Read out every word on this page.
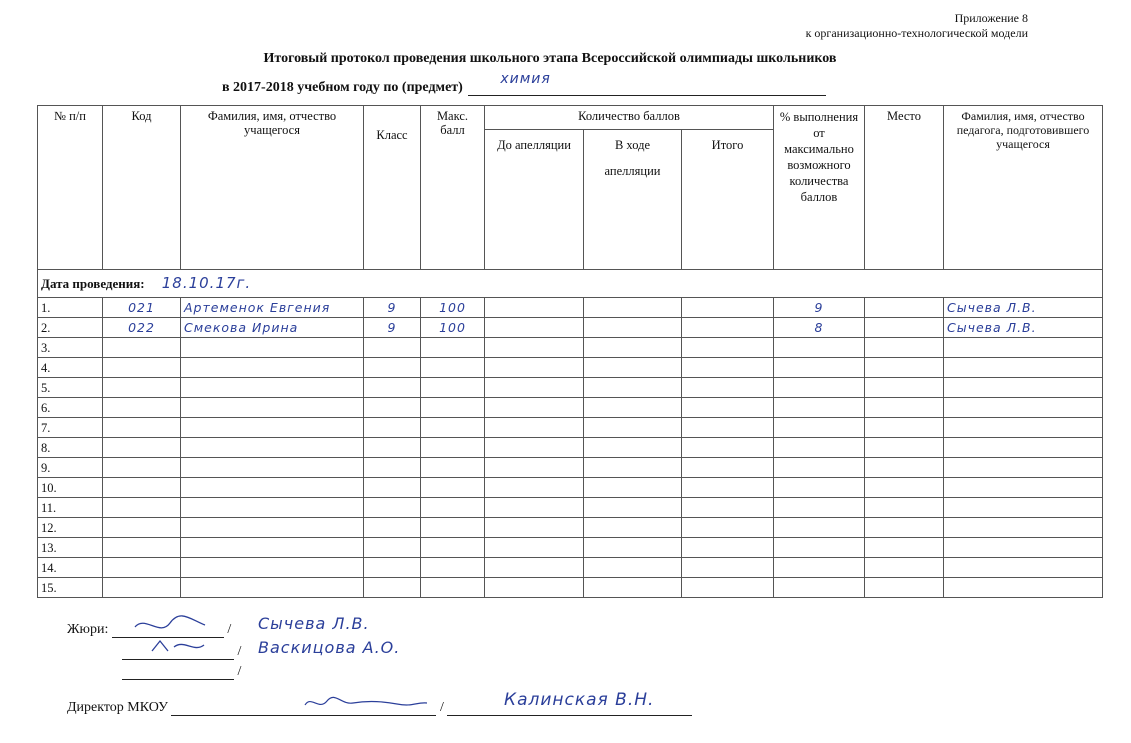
Приложение 8
к организационно-технологической модели
Итоговый протокол проведения школьного этапа Всероссийской олимпиады школьников
в 2017-2018 учебном году по (предмет)
химия
№ п/п	Код	Фамилия, имя, отчество учащегося	Класс	Макс. балл	Количество баллов			% выполнения от максимально возможного количества баллов	Место	Фамилия, имя, отчество педагога, подготовившего учащегося
					До апелляции	В ходе апелляции	Итого			
Дата проведения: 18.10.17г.										
1.	021	Артеменок Евгения	9	100				9		Сычева Л.В.
2.	022	Смекова Ирина	9	100				8		Сычева Л.В.
3.										
4.										
5.										
6.										
7.										
8.										
9.										
10.										
11.										
12.										
13.										
14.										
15.										
Жюри:	/ Сычева Л.В.
/ Васкицова А.О.
/
Директор МКОУ	/	Калинская В.Н.
